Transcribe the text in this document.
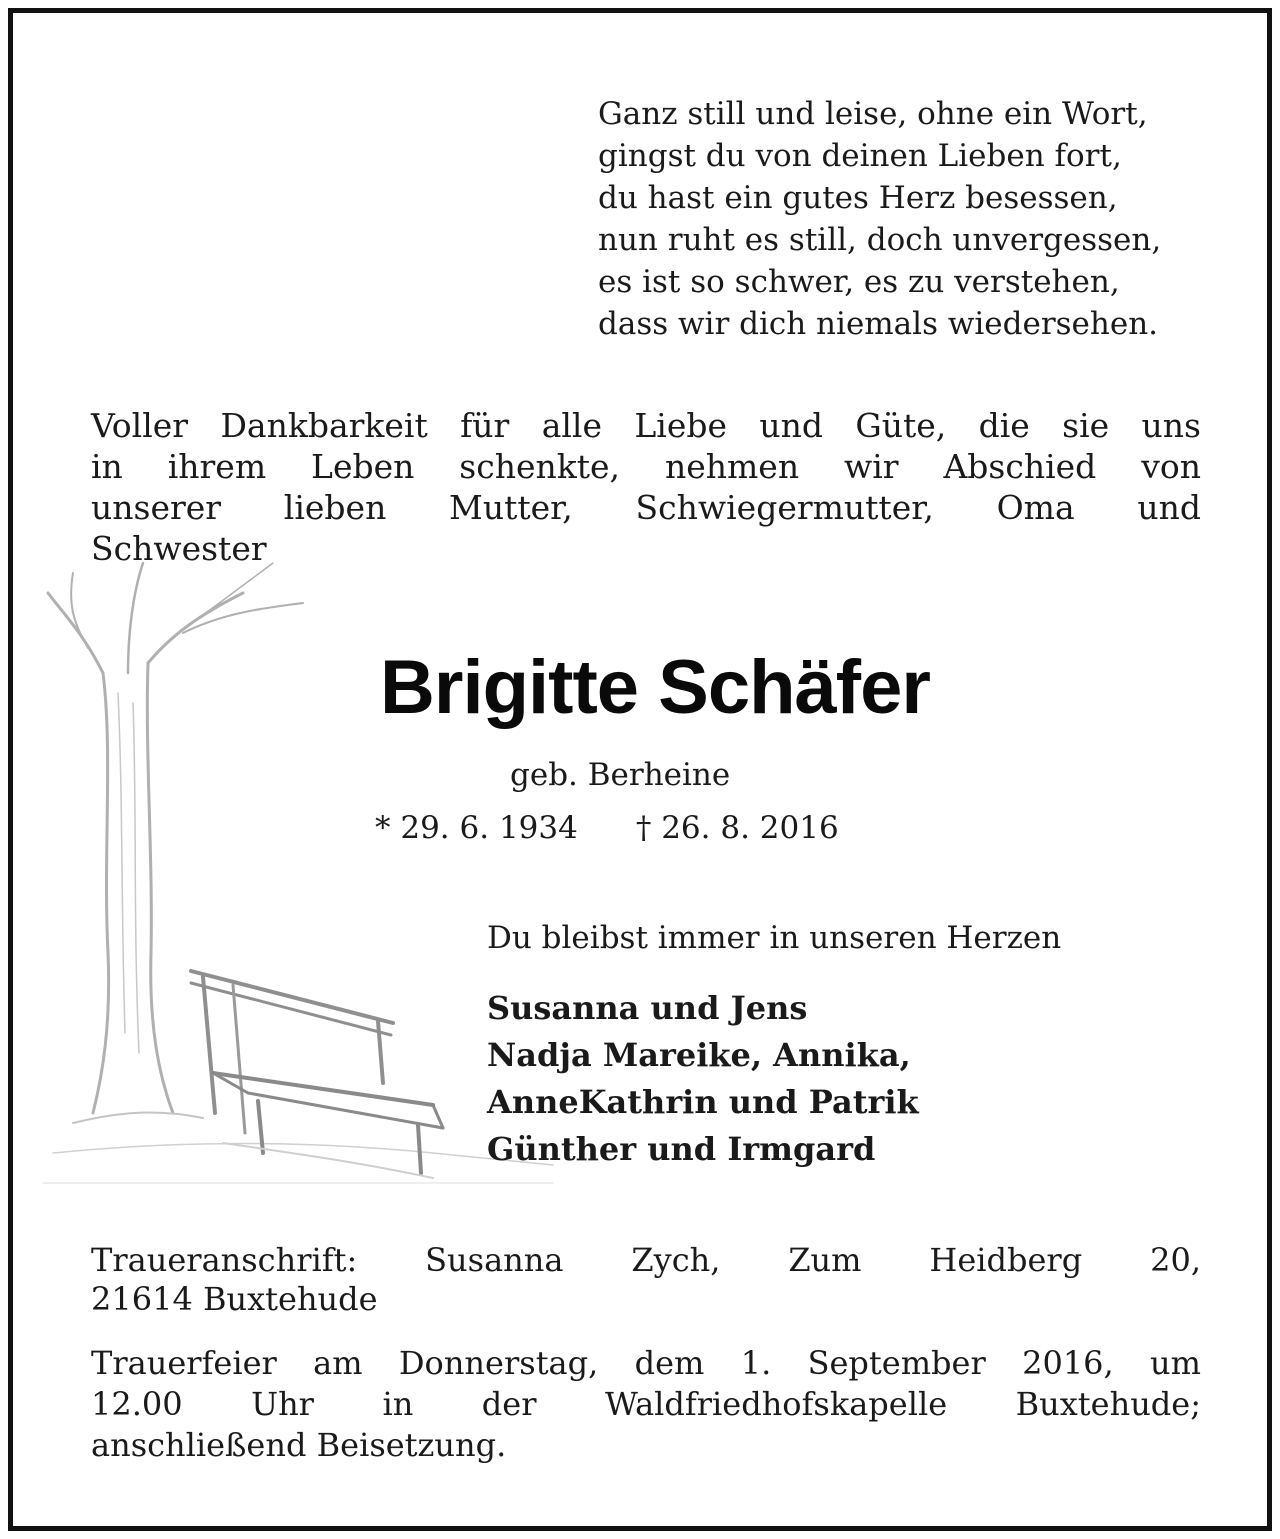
Ganz still und leise, ohne ein Wort,
gingst du von deinen Lieben fort,
du hast ein gutes Herz besessen,
nun ruht es still, doch unvergessen,
es ist so schwer, es zu verstehen,
dass wir dich niemals wiedersehen.
Voller Dankbarkeit für alle Liebe und Güte, die sie uns
in ihrem Leben schenkte, nehmen wir Abschied von
unserer lieben Mutter, Schwiegermutter, Oma und
Schwester
Brigitte Schäfer
geb. Berheine
* 29. 6. 1934 † 26. 8. 2016
Du bleibst immer in unseren Herzen
Susanna und Jens
Nadja Mareike, Annika,
AnneKathrin und Patrik
Günther und Irmgard
Traueranschrift: Susanna Zych, Zum Heidberg 20,
21614 Buxtehude
Trauerfeier am Donnerstag, dem 1. September 2016, um
12.00 Uhr in der Waldfriedhofskapelle Buxtehude;
anschließend Beisetzung.
